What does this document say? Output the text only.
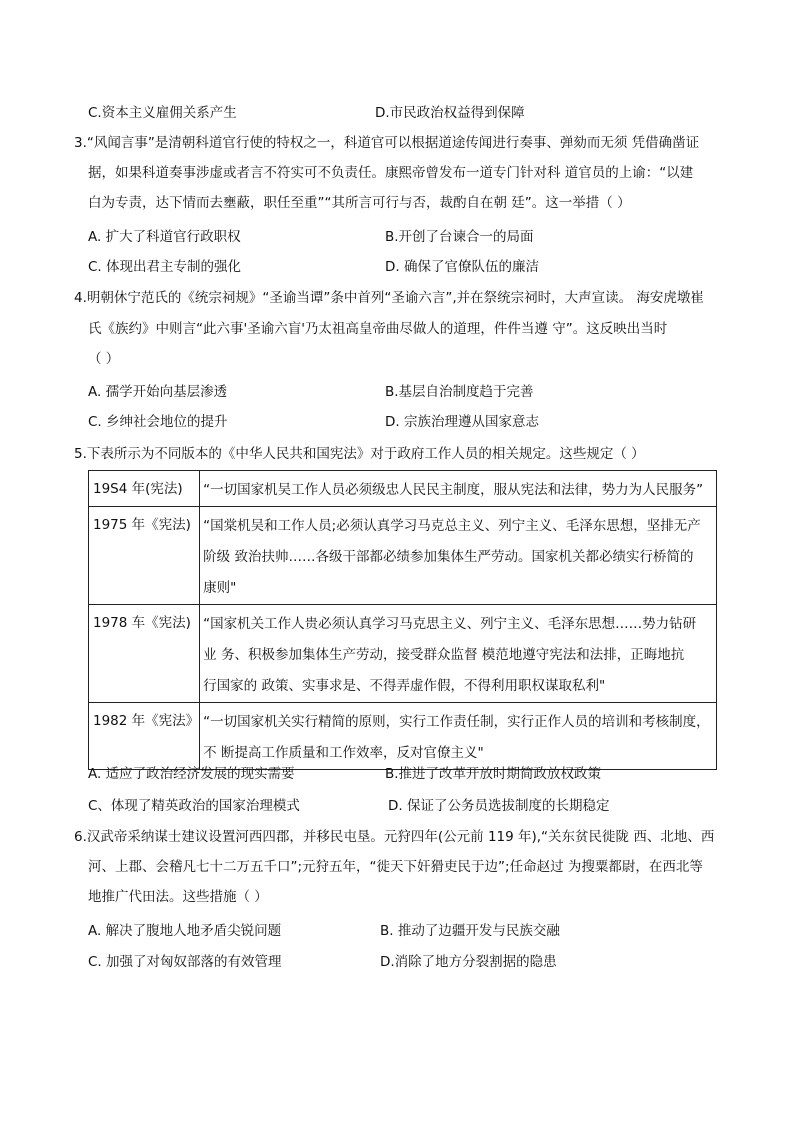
C.资本主义雇佣关系产生	D.市民政治权益得到保障
3.“风闻言事”是清朝科道官行使的特权之一，科道官可以根据道途传闻进行奏事、弹劾而无须 凭借确凿证
据，如果科道奏事涉虚或者言不符实可不负责任。康熙帝曾发布一道专门针对科 道官员的上谕：“以建
白为专责，达下情而去壅蔽，职任至重”“其所言可行与否，裁酌自在朝 廷”。这一举措（ ）
A. 扩大了科道官行政职权	B.开创了台谏合一的局面
C. 体现出君主专制的强化	D. 确保了官僚队伍的廉洁
4.明朝休宁范氏的《统宗祠规》“圣谕当谭”条中首列“圣谕六言”,并在祭统宗祠时，大声宣读。 海安虎墩崔
氏《族约》中则言“此六事'圣谕六盲'乃太祖高皇帝曲尽做人的道理，件件当遵 守”。这反映出当时
（ ）
A. 孺学开始向基层渗透	B.基层自治制度趋于完善
C. 乡绅社会地位的提升	D. 宗族治理遵从国家意志
5.下表所示为不同版本的《中华人民共和国宪法》对于政府工作人员的相关规定。这些规定（ ）
19S4 年(宪法)	“一切国家机吴工作人员必须级忠人民民主制度，服从宪法和法律，势力为人民服务”

1975 年《宪法)	“国棠机吴和工作人员;必须认真学习马克总主义、列宁主义、毛泽东思想，坚排无产
阶级 致治扶帅……各级干部都必绩参加集体生严劳动。国家机关都必绩实行桥简的
康则"

1978 车《宪法)	“国家机关工作人贵必须认真学习马克思主义、列宁主义、毛泽东思想……势力钻研
业 务、积极参加集体生产劳动，接受群众监督 模范地遵守宪法和法排，正晦地抗
行国家的 政策、实事求是、不得弄虚作假，不得利用职权谋取私利"

1982 年《宪法》	“一切国家机关实行精简的原则，实行工作责任制，实行正作人员的培训和考核制度，
不 断提高工作质量和工作效率，反对官僚主义"
A. 适应了政治经济发展的现实需要	B.推进了改革开放时期简政放权政策
C、体现了精英政治的国家治理模式	D. 保证了公务员选拔制度的长期稳定
6.汉武帝采纳谋士建议设置河西四郡，并移民屯垦。元狩四年(公元前 119 年),“关东贫民徙陇 西、北地、西
河、上郡、会稽凡七十二万五千口”;元狩五年，“徙天下奸猾吏民于边”;任命赵过 为搜粟都尉，在西北等
地推广代田法。这些措施（ ）
A. 解决了腹地人地矛盾尖锐问题	B. 推动了边疆开发与民族交融
C. 加强了对匈奴部落的有效管理	D.消除了地方分裂割据的隐患
